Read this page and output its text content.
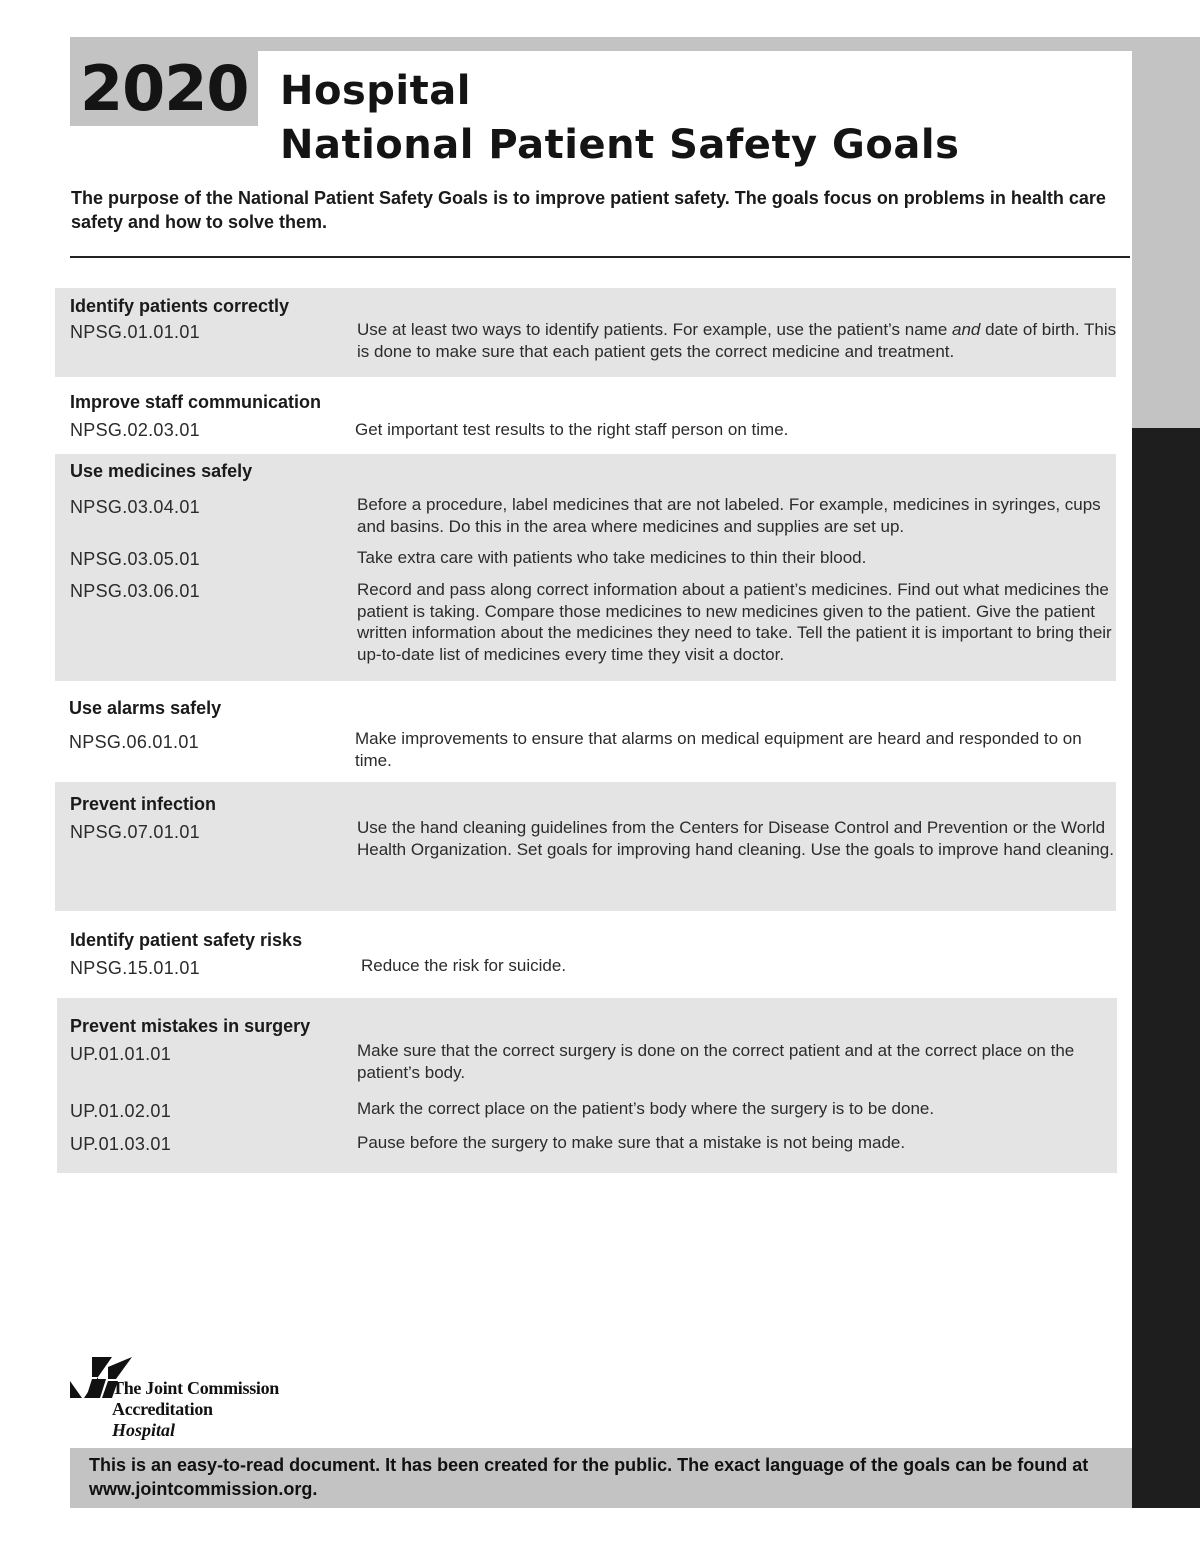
2020 Hospital
National Patient Safety Goals

The purpose of the National Patient Safety Goals is to improve patient safety. The goals focus on problems in health care safety and how to solve them.

Identify patients correctly
NPSG.01.01.01	Use at least two ways to identify patients. For example, use the patient’s name and date of birth. This is done to make sure that each patient gets the correct medicine and treatment.
Improve staff communication
NPSG.02.03.01	Get important test results to the right staff person on time.
Use medicines safely
NPSG.03.04.01	Before a procedure, label medicines that are not labeled. For example, medicines in syringes, cups and basins. Do this in the area where medicines and supplies are set up.
NPSG.03.05.01	Take extra care with patients who take medicines to thin their blood.
NPSG.03.06.01	Record and pass along correct information about a patient’s medicines. Find out what medicines the patient is taking. Compare those medicines to new medicines given to the patient. Give the patient written information about the medicines they need to take. Tell the patient it is important to bring their up-to-date list of medicines every time they visit a doctor.
Use alarms safely
NPSG.06.01.01	Make improvements to ensure that alarms on medical equipment are heard and responded to on time.
Prevent infection
NPSG.07.01.01	Use the hand cleaning guidelines from the Centers for Disease Control and Prevention or the World Health Organization. Set goals for improving hand cleaning. Use the goals to improve hand cleaning.
Identify patient safety risks
NPSG.15.01.01	Reduce the risk for suicide.
Prevent mistakes in surgery
UP.01.01.01	Make sure that the correct surgery is done on the correct patient and at the correct place on the patient’s body.
UP.01.02.01	Mark the correct place on the patient’s body where the surgery is to be done.
UP.01.03.01	Pause before the surgery to make sure that a mistake is not being made.
The Joint Commission
Accreditation
Hospital
This is an easy-to-read document. It has been created for the public. The exact language of the goals can be found at www.jointcommission.org.
